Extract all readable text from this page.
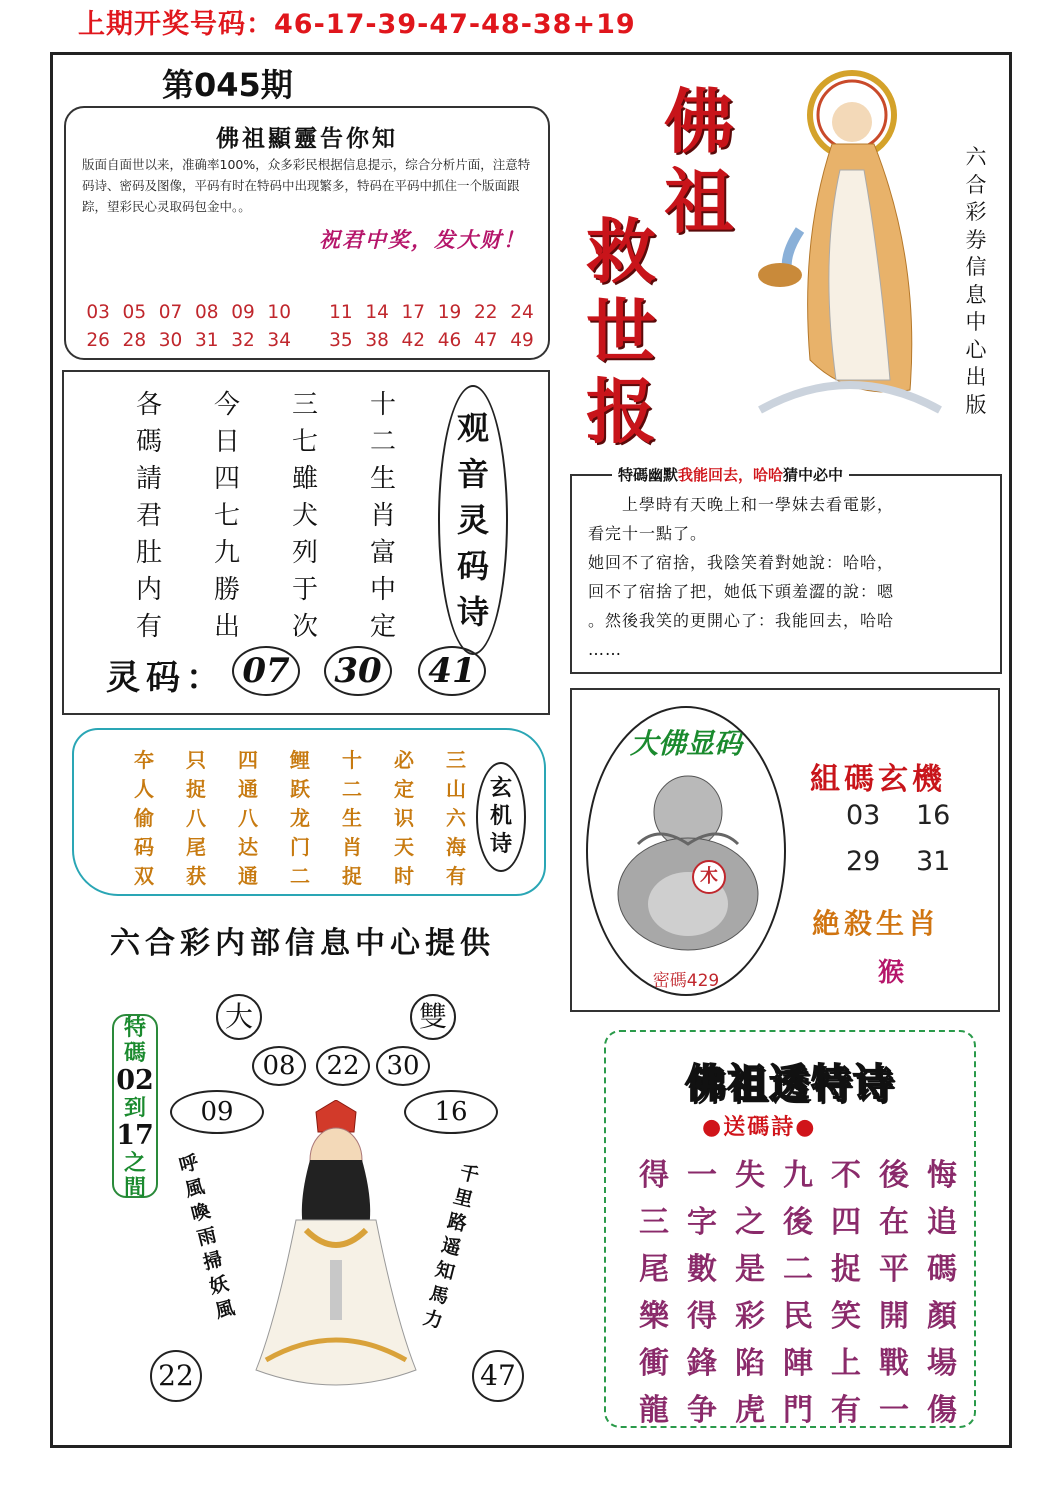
上期开奖号码：46-17-39-47-48-38+19
第045期
佛祖顯靈告你知
版面自面世以来，准确率100%，众多彩民根据信息提示，综合分析片面，注意特码诗、密码及图像，平码有时在特码中出现繁多，特码在平码中抓住一个版面跟踪，望彩民心灵取码包金中。。
祝君中奖，发大财！
03 05 07 08 09 10	11 14 17 19 22 24
26 28 30 31 32 34	35 38 42 46 47 49
各	今	三	十
碼	日	七	二
請	四	雖	生
君	七	犬	肖
肚	九	列	富
内	勝	于	中
有	出	次	定
观
音
灵
码
诗
灵码： 07	30	41
夲	只	四	鲤	十	必	三
人	捉	通	跃	二	定	山
偷	八	八	龙	生	识	六
码	尾	达	门	肖	天	海
双	获	通	二	捉	时	有
玄
机
诗
六合彩内部信息中心提供
佛
祖
救
世
报
六合彩券信息中心出版
特碼幽默我能回去，哈哈猜中必中
　　上學時有天晚上和一學妹去看電影，
看完十一點了。
她回不了宿捨，我陰笑着對她說：哈哈，
回不了宿捨了把，她低下頭羞澀的說：嗯
。然後我笑的更開心了：我能回去，哈哈
……
大佛显码
木
密碼429
組碼玄機
03 16
29 31
絶殺生肖
猴
大	雙
08	22	30
09	16
22	47
特
碼
02
到
17
之
間
呼
風
喚
雨
掃
妖
風
千
里
路
遥
知
馬
力
佛祖透特诗
●送碼詩●
得 一 失 九 不 後 悔
三 字 之 後 四 在 追
尾 數 是 二 捉 平 碼
樂 得 彩 民 笑 開 顏
衝 鋒 陷 陣 上 戰 場
龍 争 虎 門 有 一 傷
